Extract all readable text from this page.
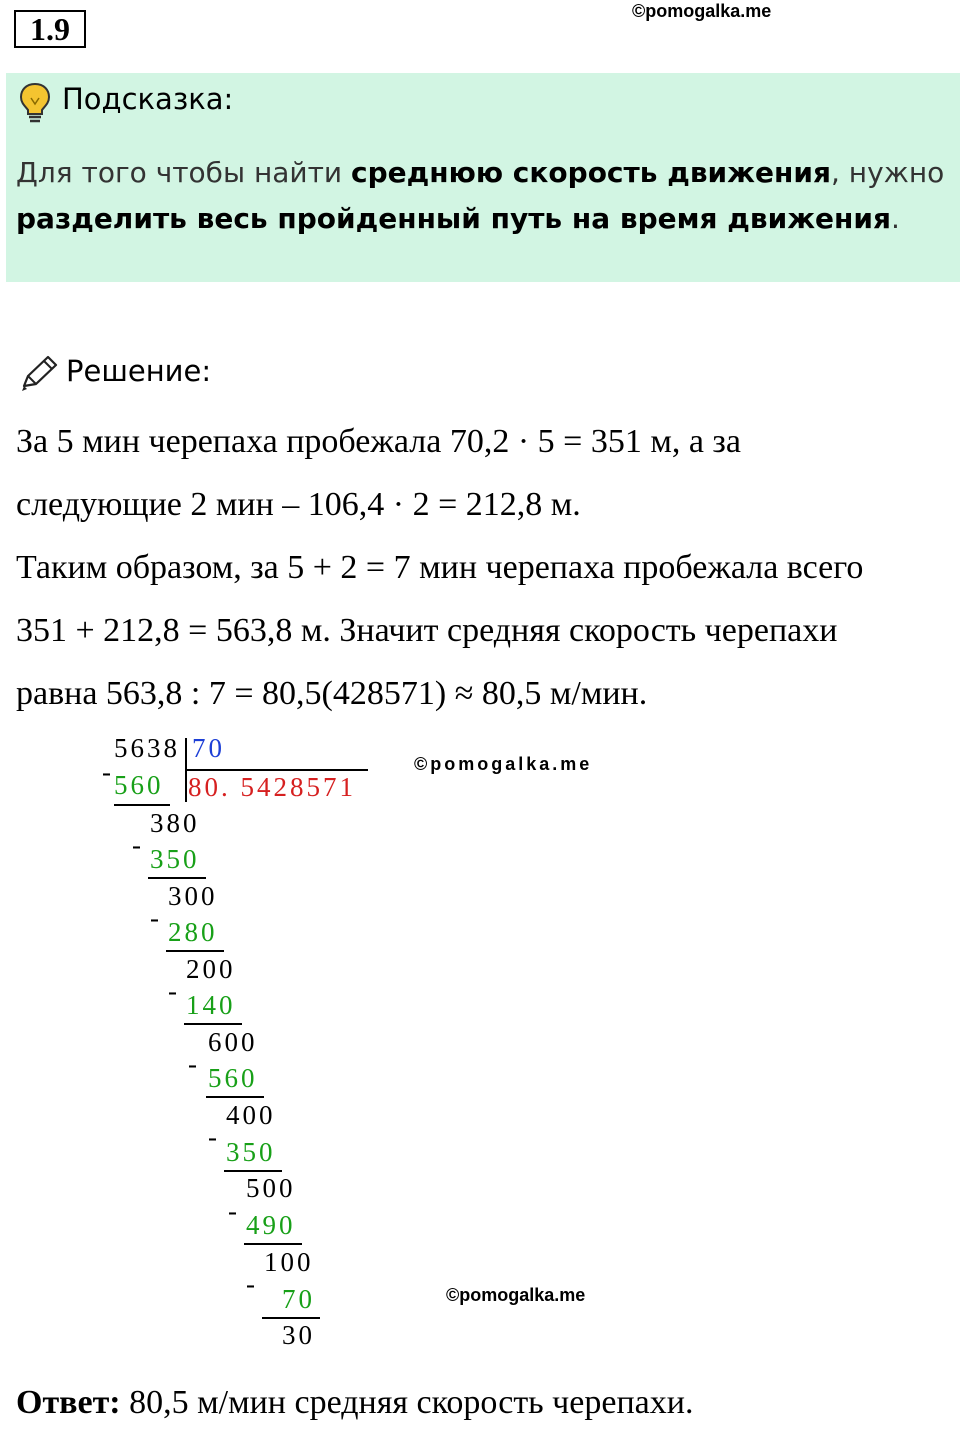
1.9	©pomogalka.me
Подсказка:
Для того чтобы найти среднюю скорость движения, нужно разделить весь пройденный путь на время движения.
Решение:

За 5 мин черепаха пробежала 70,2 · 5 = 351 м, а за

следующие 2 мин – 106,4 · 2 = 212,8 м.

Таким образом, за 5 + 2 = 7 мин черепаха пробежала всего

351 + 212,8 = 563,8 м. Значит средняя скорость черепахи

равна 563,8 : 7 = 80,5(428571) ≈ 80,5 м/мин.

5638 70
80. 5428571
©pomogalka.me
- 560
380
- 350
300
- 280
200
- 140
600
- 560
400
- 350
500
- 490
100
- 70
30
©pomogalka.me
Ответ: 80,5 м/мин средняя скорость черепахи.
